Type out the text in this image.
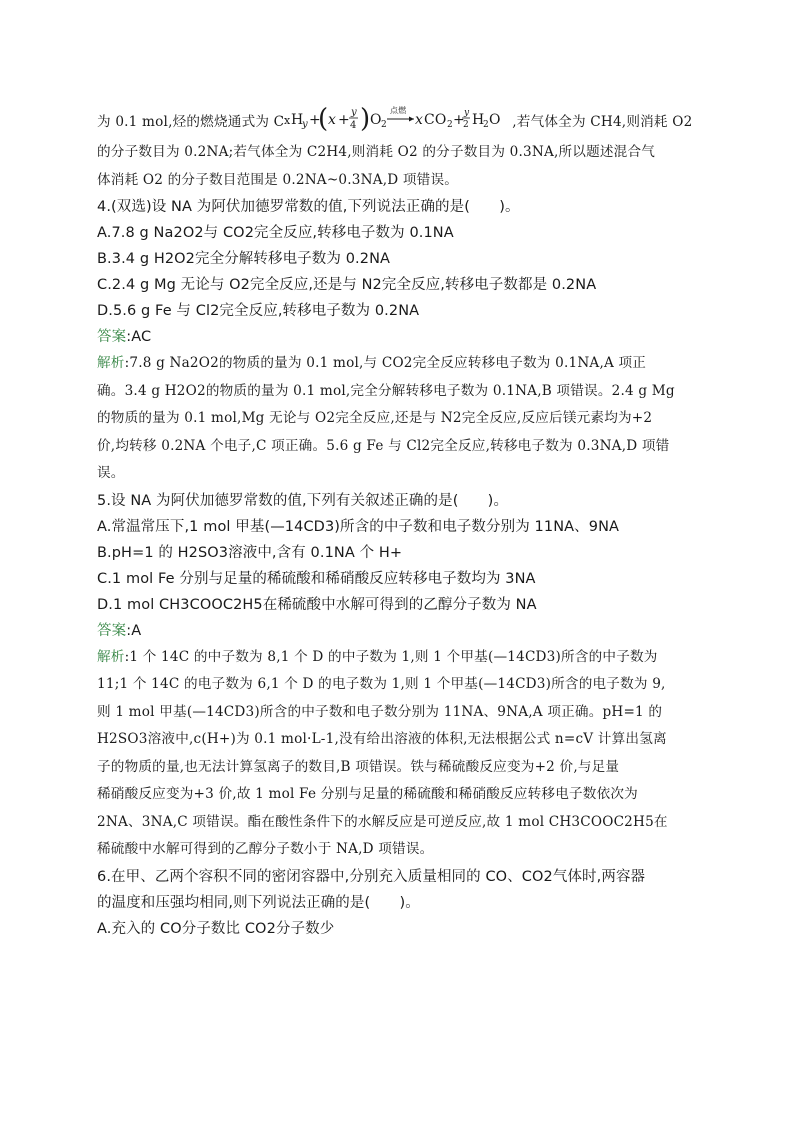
为 0.1 mol,烃的燃烧通式为 C x H
y +
( x + y
4 ) O 2
点燃
x CO 2 + y
2 H
2 O ,若气体全为 CH4,则消耗 O2
的分子数目为 0.2NA;若气体全为 C2H4,则消耗 O2 的分子数目为 0.3NA,所以题述混合气
体消耗 O2 的分子数目范围是 0.2NA~0.3NA,D 项错误。
4.(双选)设 NA 为阿伏加德罗常数的值,下列说法正确的是(　　)。
A.7.8 g Na2O2与 CO2完全反应,转移电子数为 0.1NA
B.3.4 g H2O2完全分解转移电子数为 0.2NA
C.2.4 g Mg 无论与 O2完全反应,还是与 N2完全反应,转移电子数都是 0.2NA
D.5.6 g Fe 与 Cl2完全反应,转移电子数为 0.2NA
答案:AC
解析:7.8 g Na2O2的物质的量为 0.1 mol,与 CO2完全反应转移电子数为 0.1NA,A 项正
确。3.4 g H2O2的物质的量为 0.1 mol,完全分解转移电子数为 0.1NA,B 项错误。2.4 g Mg
的物质的量为 0.1 mol,Mg 无论与 O2完全反应,还是与 N2完全反应,反应后镁元素均为+2
价,均转移 0.2NA 个电子,C 项正确。5.6 g Fe 与 Cl2完全反应,转移电子数为 0.3NA,D 项错
误。
5.设 NA 为阿伏加德罗常数的值,下列有关叙述正确的是(　　)。
A.常温常压下,1 mol 甲基(—14CD3)所含的中子数和电子数分别为 11NA、9NA
B.pH=1 的 H2SO3溶液中,含有 0.1NA 个 H+
C.1 mol Fe 分别与足量的稀硫酸和稀硝酸反应转移电子数均为 3NA
D.1 mol CH3COOC2H5在稀硫酸中水解可得到的乙醇分子数为 NA
答案:A
解析:1 个 14C 的中子数为 8,1 个 D 的中子数为 1,则 1 个甲基(—14CD3)所含的中子数为
11;1 个 14C 的电子数为 6,1 个 D 的电子数为 1,则 1 个甲基(—14CD3)所含的电子数为 9,
则 1 mol 甲基(—14CD3)所含的中子数和电子数分别为 11NA、9NA,A 项正确。pH=1 的
H2SO3溶液中,c(H+)为 0.1 mol·L-1,没有给出溶液的体积,无法根据公式 n=cV 计算出氢离
子的物质的量,也无法计算氢离子的数目,B 项错误。铁与稀硫酸反应变为+2 价,与足量
稀硝酸反应变为+3 价,故 1 mol Fe 分别与足量的稀硫酸和稀硝酸反应转移电子数依次为
2NA、3NA,C 项错误。酯在酸性条件下的水解反应是可逆反应,故 1 mol CH3COOC2H5在
稀硫酸中水解可得到的乙醇分子数小于 NA,D 项错误。
6.在甲、乙两个容积不同的密闭容器中,分别充入质量相同的 CO、CO2气体时,两容器
的温度和压强均相同,则下列说法正确的是(　　)。
A.充入的 CO分子数比 CO2分子数少
